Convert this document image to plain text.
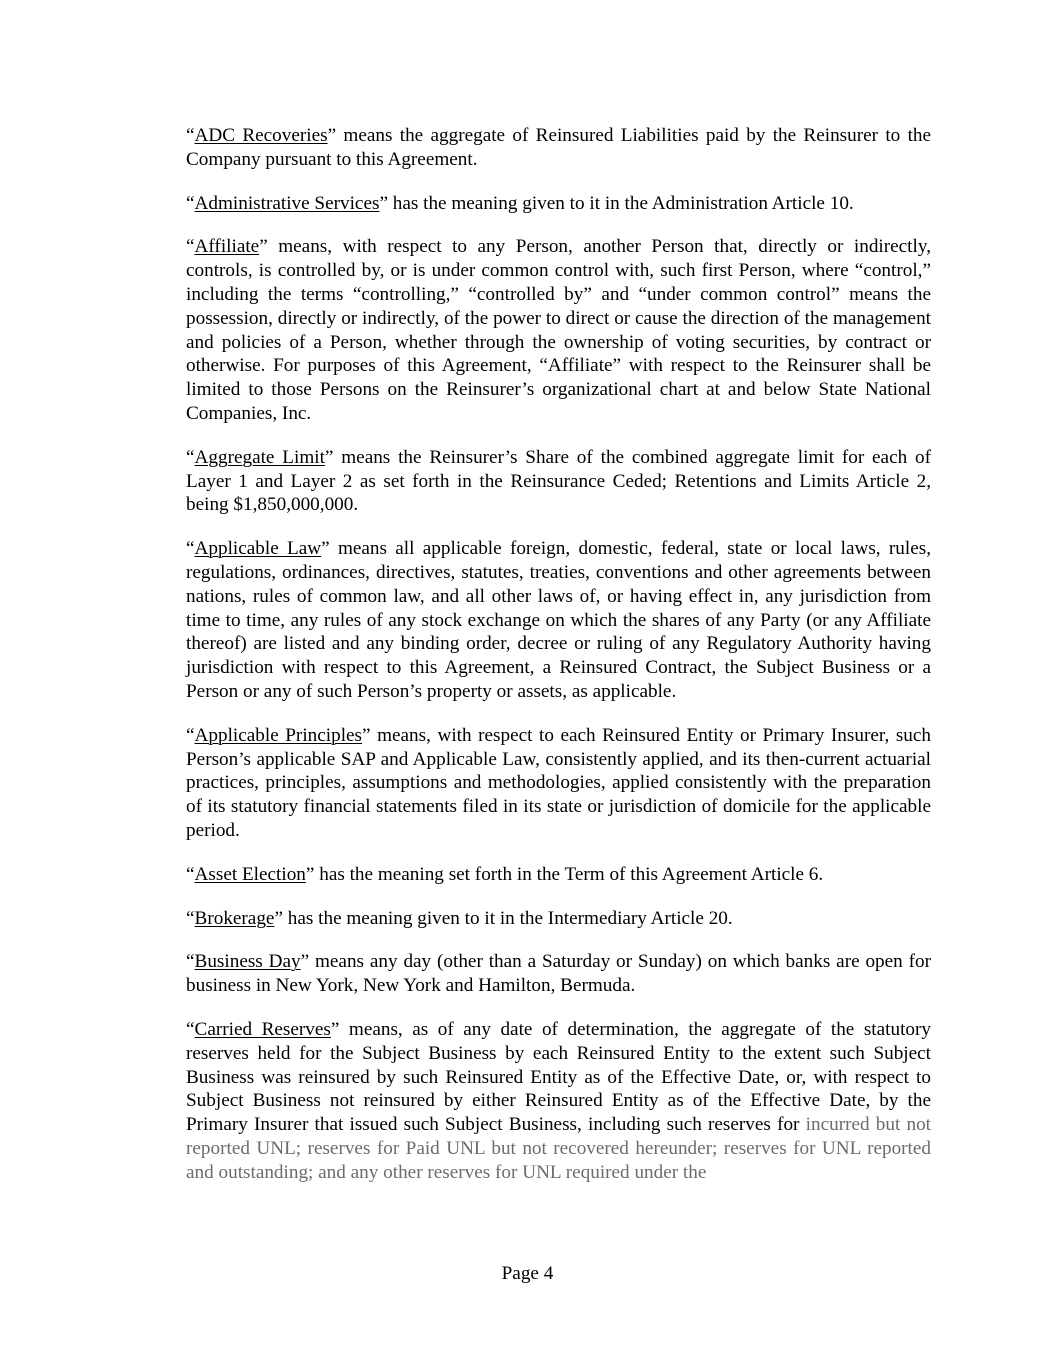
“ADC Recoveries” means the aggregate of Reinsured Liabilities paid by the Reinsurer to the Company pursuant to this Agreement.

“Administrative Services” has the meaning given to it in the Administration Article 10.

“Affiliate” means, with respect to any Person, another Person that, directly or indirectly, controls, is controlled by, or is under common control with, such first Person, where “control,” including the terms “controlling,” “controlled by” and “under common control” means the possession, directly or indirectly, of the power to direct or cause the direction of the management and policies of a Person, whether through the ownership of voting securities, by contract or otherwise. For purposes of this Agreement, “Affiliate” with respect to the Reinsurer shall be limited to those Persons on the Reinsurer’s organizational chart at and below State National Companies, Inc.

“Aggregate Limit” means the Reinsurer’s Share of the combined aggregate limit for each of Layer 1 and Layer 2 as set forth in the Reinsurance Ceded; Retentions and Limits Article 2, being $1,850,000,000.

“Applicable Law” means all applicable foreign, domestic, federal, state or local laws, rules, regulations, ordinances, directives, statutes, treaties, conventions and other agreements between nations, rules of common law, and all other laws of, or having effect in, any jurisdiction from time to time, any rules of any stock exchange on which the shares of any Party (or any Affiliate thereof) are listed and any binding order, decree or ruling of any Regulatory Authority having jurisdiction with respect to this Agreement, a Reinsured Contract, the Subject Business or a Person or any of such Person’s property or assets, as applicable.

“Applicable Principles” means, with respect to each Reinsured Entity or Primary Insurer, such Person’s applicable SAP and Applicable Law, consistently applied, and its then-current actuarial practices, principles, assumptions and methodologies, applied consistently with the preparation of its statutory financial statements filed in its state or jurisdiction of domicile for the applicable period.

“Asset Election” has the meaning set forth in the Term of this Agreement Article 6.

“Brokerage” has the meaning given to it in the Intermediary Article 20.

“Business Day” means any day (other than a Saturday or Sunday) on which banks are open for business in New York, New York and Hamilton, Bermuda.

“Carried Reserves” means, as of any date of determination, the aggregate of the statutory reserves held for the Subject Business by each Reinsured Entity to the extent such Subject Business was reinsured by such Reinsured Entity as of the Effective Date, or, with respect to Subject Business not reinsured by either Reinsured Entity as of the Effective Date, by the Primary Insurer that issued such Subject Business, including such reserves for incurred but not reported UNL; reserves for Paid UNL but not recovered hereunder; reserves for UNL reported and outstanding; and any other reserves for UNL required under the

Page 4
